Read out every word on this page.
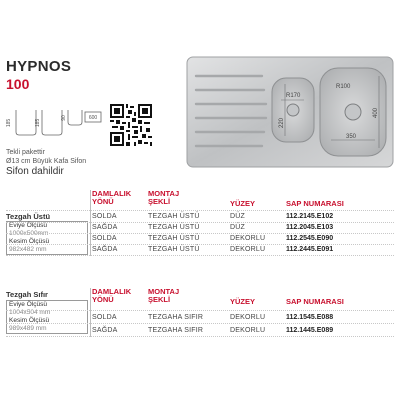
HYPNOS
100
185	185
90	600
Tekli pakettir
Ø13 cm Büyük Kafa Sifon
Sifon dahildir
R170
R100
220
400
350
DAMLALIK
YÖNÜ
MONTAJ
ŞEKLİ	YÜZEY	SAP NUMARASI
Tezgah Üstü
Eviye Ölçüsü
1000x500mm
Kesim Ölçüsü
982x482 mm
SOLDA	TEZGAH ÜSTÜ	DÜZ	112.2145.E102
SAĞDA	TEZGAH ÜSTÜ	DÜZ	112.2045.E103
SOLDA	TEZGAH ÜSTÜ	DEKORLU	112.2545.E090
SAĞDA	TEZGAH ÜSTÜ	DEKORLU	112.2445.E091
DAMLALIK
YÖNÜ
MONTAJ
ŞEKLİ	YÜZEY	SAP NUMARASI
Tezgah Sıfır
Eviye Ölçüsü
1004x504 mm
Kesim Ölçüsü
989x489 mm
SOLDA	TEZGAHA SIFIR	DEKORLU	112.1545.E088
SAĞDA	TEZGAHA SIFIR	DEKORLU	112.1445.E089
